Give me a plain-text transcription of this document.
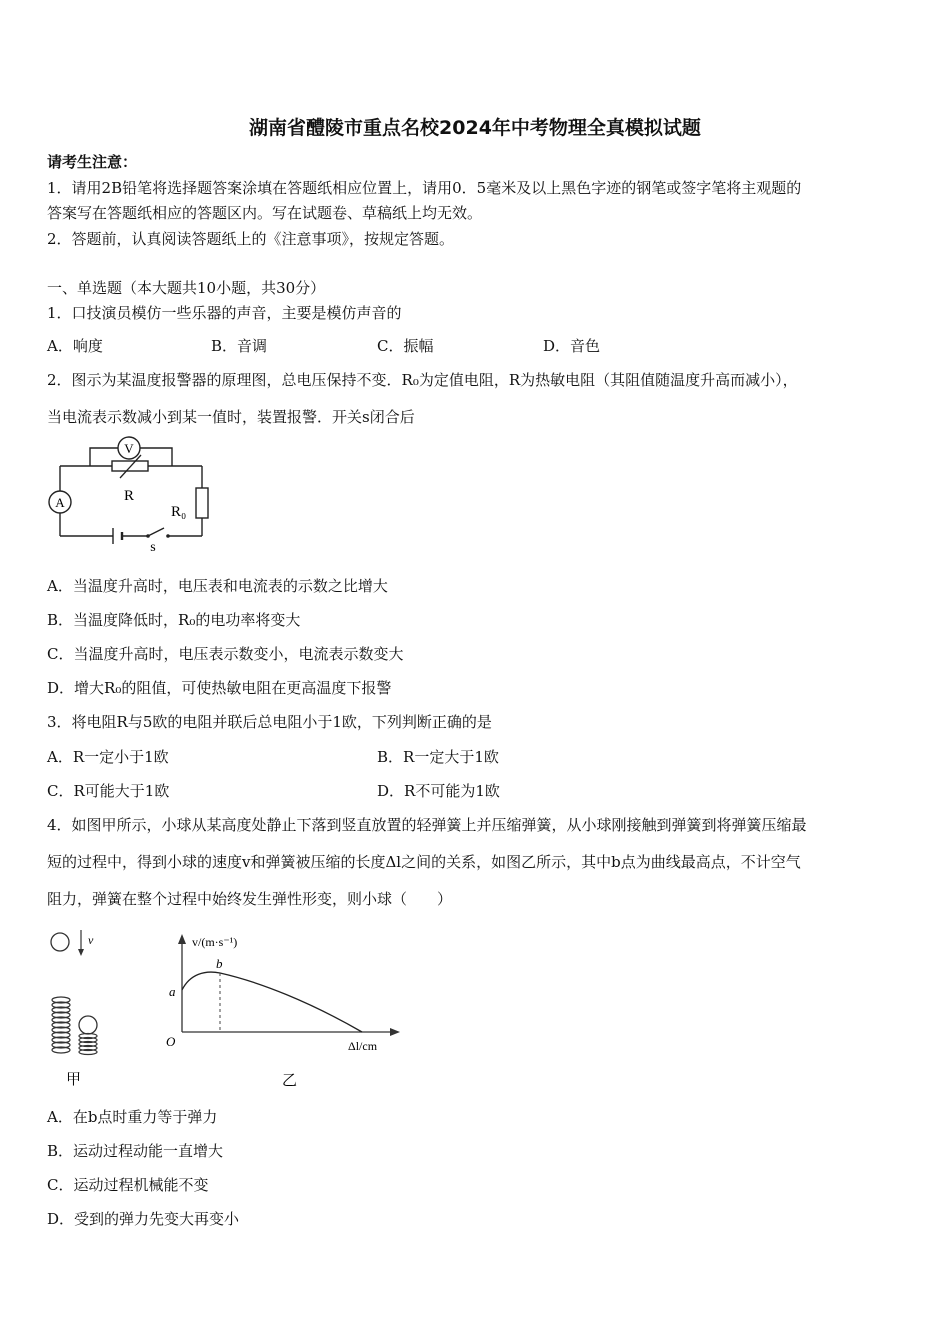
湖南省醴陵市重点名校2024年中考物理全真模拟试题
请考生注意：
1．请用2B铅笔将选择题答案涂填在答题纸相应位置上，请用0．5毫米及以上黑色字迹的钢笔或签字笔将主观题的
答案写在答题纸相应的答题区内。写在试题卷、草稿纸上均无效。
2．答题前，认真阅读答题纸上的《注意事项》，按规定答题。
一、单选题（本大题共10小题，共30分）
1．口技演员模仿一些乐器的声音，主要是模仿声音的
A．响度	B．音调	C．振幅	D．音色
2．图示为某温度报警器的原理图，总电压保持不变．R₀为定值电阻，R为热敏电阻（其阻值随温度升高而减小），
当电流表示数减小到某一值时，装置报警．开关s闭合后
V
R
R₀
A
s
A．当温度升高时，电压表和电流表的示数之比增大
B．当温度降低时，R₀的电功率将变大
C．当温度升高时，电压表示数变小，电流表示数变大
D．增大R₀的阻值，可使热敏电阻在更高温度下报警
3．将电阻R与5欧的电阻并联后总电阻小于1欧，下列判断正确的是
A．R一定小于1欧	B．R一定大于1欧
C．R可能大于1欧	D．R不可能为1欧
4．如图甲所示，小球从某高度处静止下落到竖直放置的轻弹簧上并压缩弹簧，从小球刚接触到弹簧到将弹簧压缩最
短的过程中，得到小球的速度v和弹簧被压缩的长度Δl之间的关系，如图乙所示，其中b点为曲线最高点，不计空气
阻力，弹簧在整个过程中始终发生弹性形变，则小球（　　）
v
甲
v/(m·s⁻¹)
Δl/cm
O
a
b
乙
A．在b点时重力等于弹力
B．运动过程动能一直增大
C．运动过程机械能不变
D．受到的弹力先变大再变小
